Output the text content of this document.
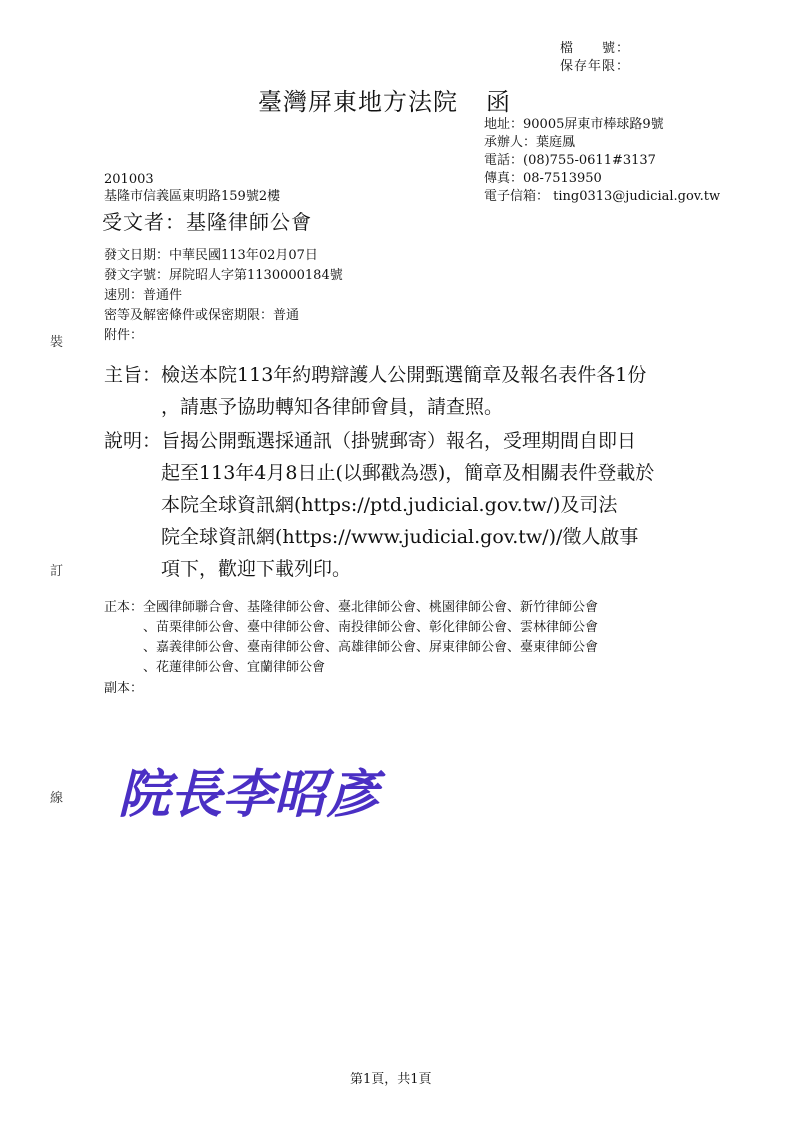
檔　　號：
保存年限：
臺灣屏東地方法院 函
地址：90005屏東市棒球路9號
承辦人：葉庭鳳
電話：(08)755-0611#3137
傳真：08-7513950
電子信箱： ting0313@judicial.gov.tw
201003
基隆市信義區東明路159號2樓
受文者：基隆律師公會
發文日期：中華民國113年02月07日
發文字號：屏院昭人字第1130000184號
速別：普通件
密等及解密條件或保密期限：普通
附件：
主旨： 檢送本院113年約聘辯護人公開甄選簡章及報名表件各1份
，請惠予協助轉知各律師會員，請查照。
說明： 旨揭公開甄選採通訊（掛號郵寄）報名，受理期間自即日
起至113年4月8日止(以郵戳為憑)，簡章及相關表件登載於
本院全球資訊網(https://ptd.judicial.gov.tw/)及司法
院全球資訊網(https://www.judicial.gov.tw/)/徵人啟事
項下，歡迎下載列印。
正本： 全國律師聯合會、基隆律師公會、臺北律師公會、桃園律師公會、新竹律師公會
、苗栗律師公會、臺中律師公會、南投律師公會、彰化律師公會、雲林律師公會
、嘉義律師公會、臺南律師公會、高雄律師公會、屏東律師公會、臺東律師公會
、花蓮律師公會、宜蘭律師公會
副本：
裝
訂
線 院長李昭彥
第1頁，共1頁
